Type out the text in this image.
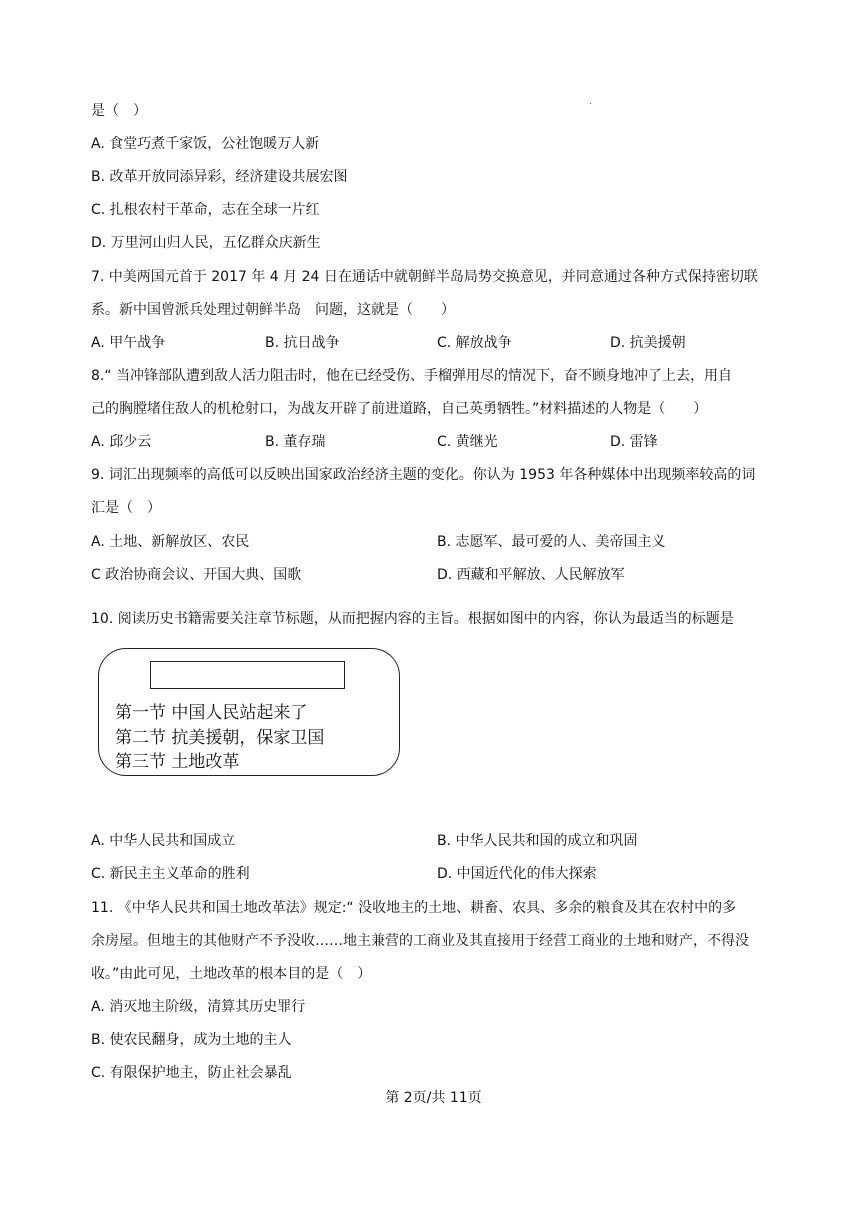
是（　）
A. 食堂巧煮千家饭，公社饱暖万人新
B. 改革开放同添异彩，经济建设共展宏图
C. 扎根农村干革命，志在全球一片红
D. 万里河山归人民，五亿群众庆新生
7. 中美两国元首于 2017 年 4 月 24 日在通话中就朝鲜半岛局势交换意见，并同意通过各种方式保持密切联
系。新中国曾派兵处理过朝鲜半岛　问题，这就是（　　）
A. 甲午战争	B. 抗日战争	C. 解放战争	D. 抗美援朝
8.“ 当冲锋部队遭到敌人活力阻击时，他在已经受伤、手榴弹用尽的情况下，奋不顾身地冲了上去，用自
己的胸膛堵住敌人的机枪射口，为战友开辟了前进道路，自己英勇牺牲。”材料描述的人物是（　　）
A. 邱少云	B. 董存瑞	C. 黄继光	D. 雷锋
9. 词汇出现频率的高低可以反映出国家政治经济主题的变化。你认为 1953 年各种媒体中出现频率较高的词
汇是（　）
A. 土地、新解放区、农民	B. 志愿军、最可爱的人、美帝国主义
C 政治协商会议、开国大典、国歌	D. 西藏和平解放、人民解放军
10. 阅读历史书籍需要关注章节标题，从而把握内容的主旨。根据如图中的内容，你认为最适当的标题是
第一节 中国人民站起来了
第二节 抗美援朝，保家卫国
第三节 土地改革
A. 中华人民共和国成立	B. 中华人民共和国的成立和巩固
C. 新民主主义革命的胜利	D. 中国近代化的伟大探索
11. 《中华人民共和国土地改革法》规定:“ 没收地主的土地、耕畜、农具、多余的粮食及其在农村中的多
余房屋。但地主的其他财产不予没收……地主兼营的工商业及其直接用于经营工商业的土地和财产，不得没
收。”由此可见，土地改革的根本目的是（　）
A. 消灭地主阶级，清算其历史罪行
B. 使农民翻身，成为土地的主人
C. 有限保护地主，防止社会暴乱
第 2页/共 11页
